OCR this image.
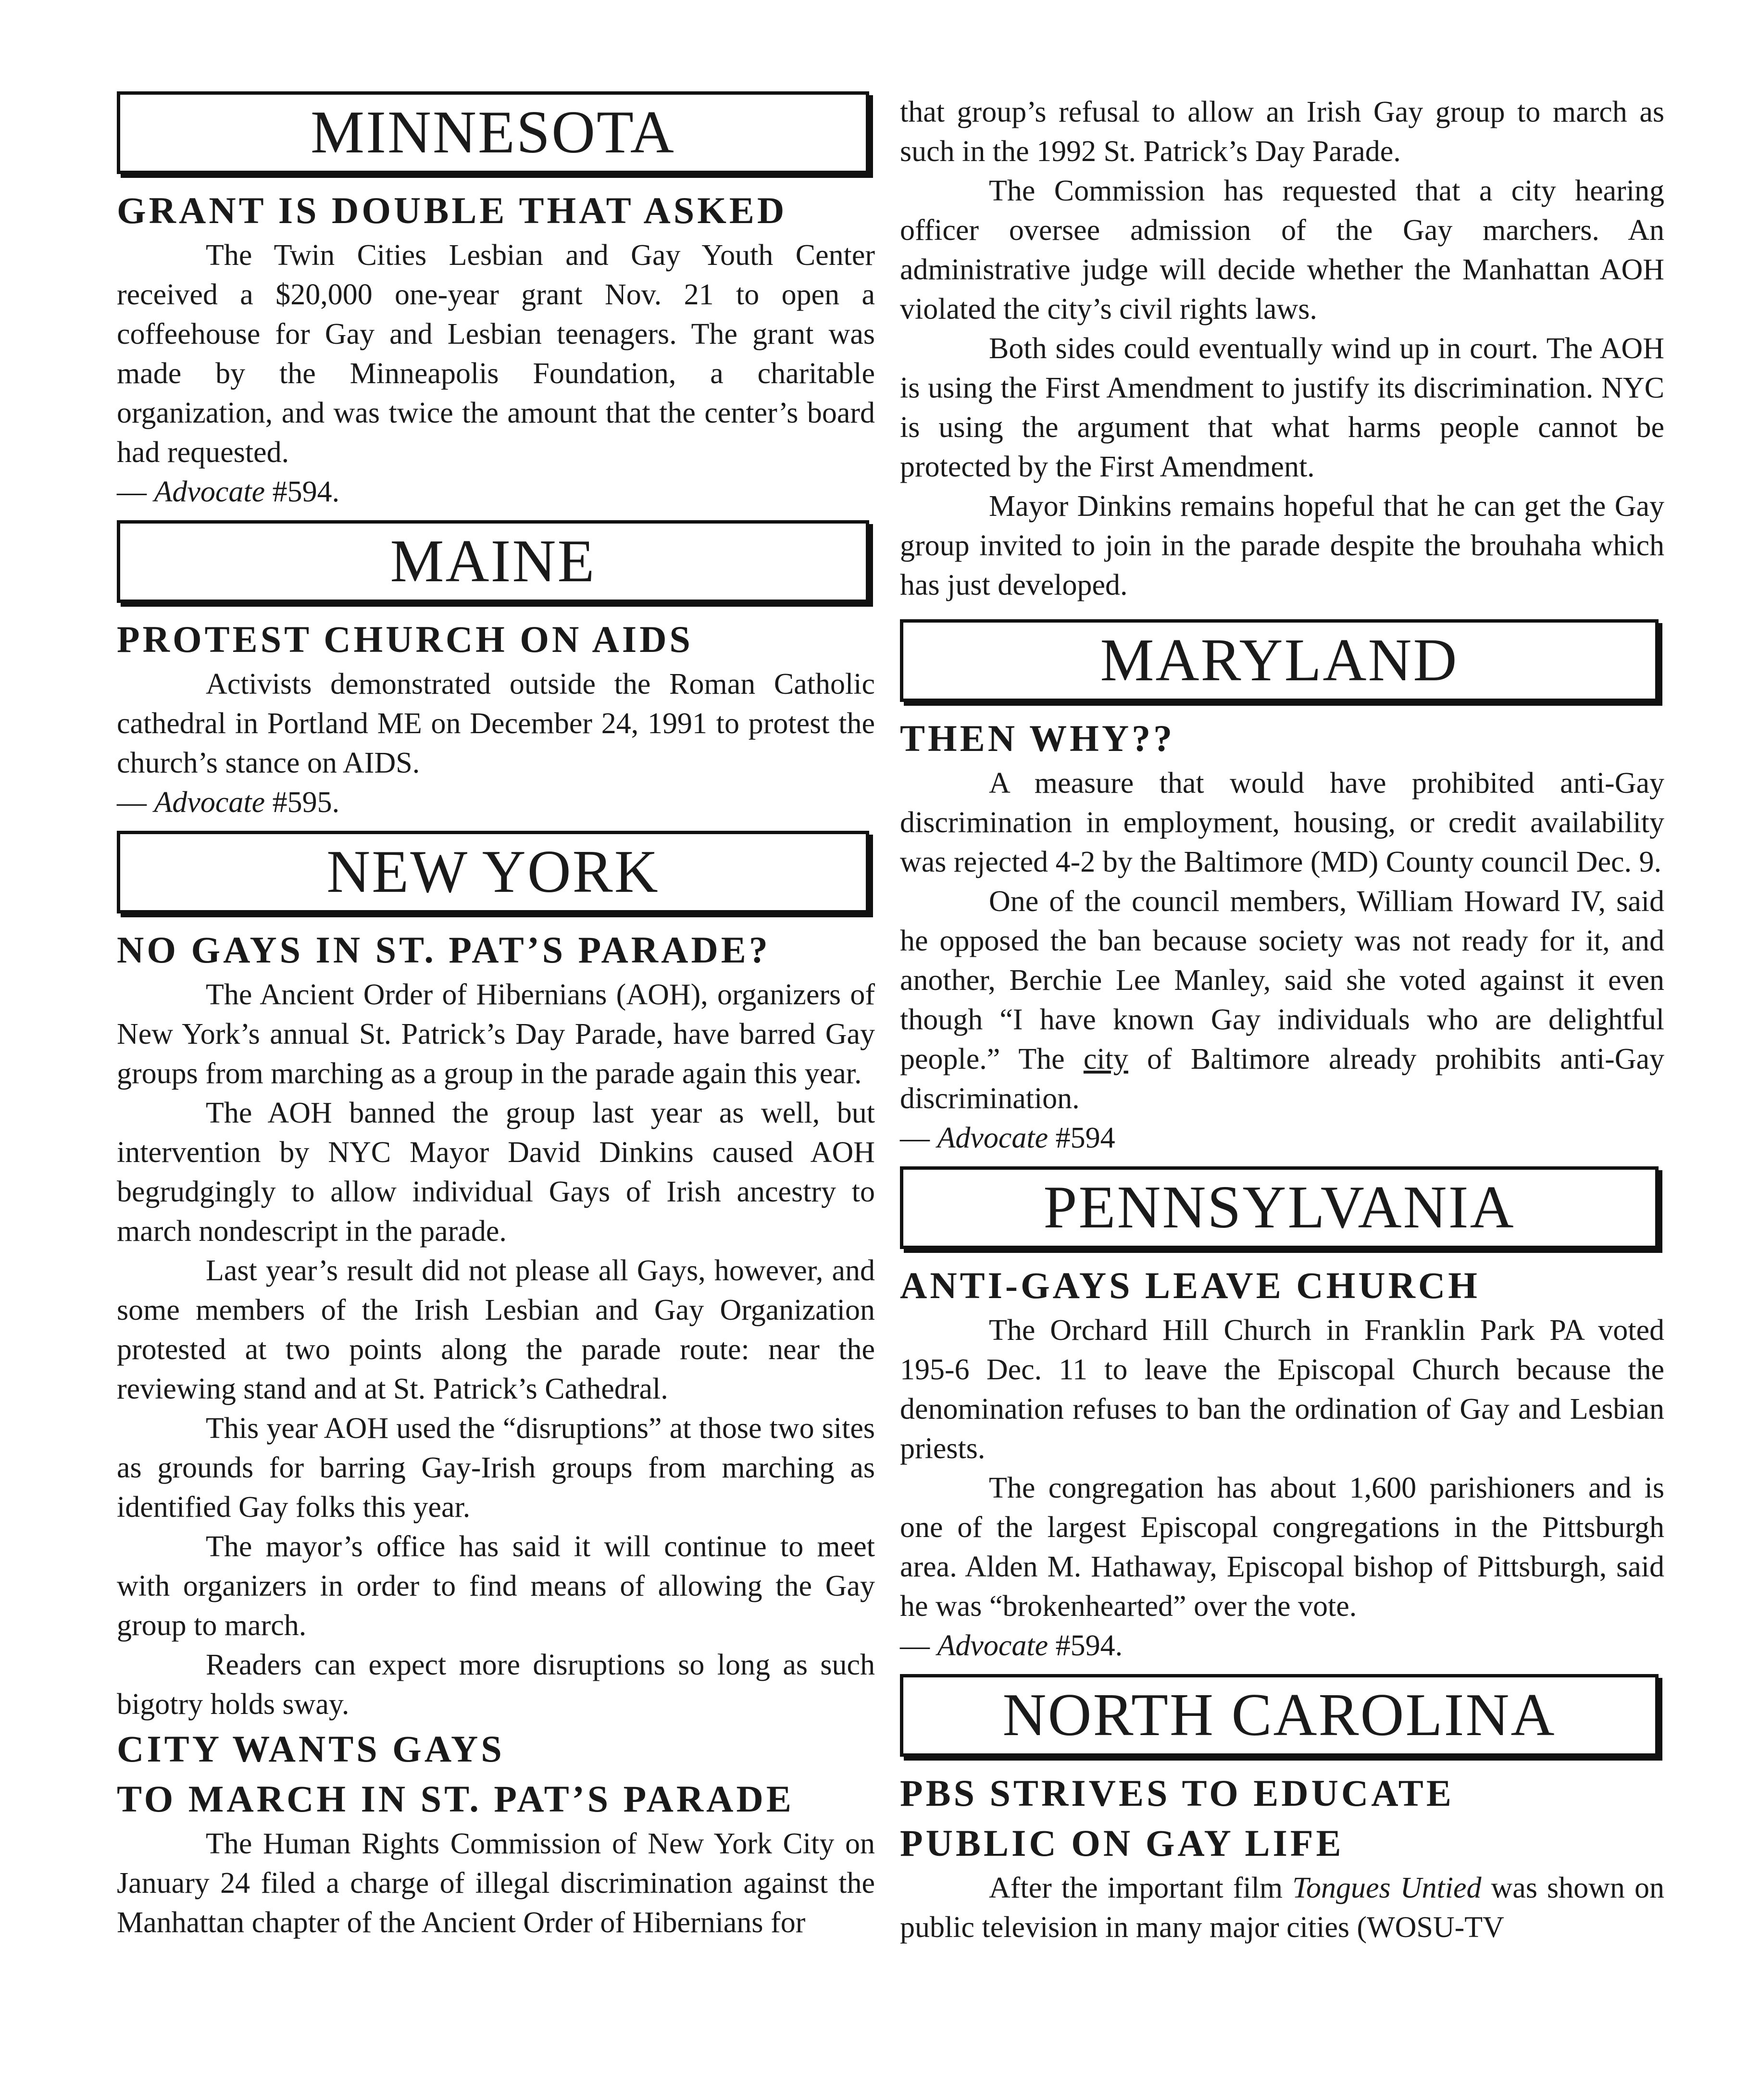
MINNESOTA
GRANT IS DOUBLE THAT ASKED

The Twin Cities Lesbian and Gay Youth Center received a $20,000 one-year grant Nov. 21 to open a coffeehouse for Gay and Lesbian teenagers. The grant was made by the Minneapolis Foundation, a charitable organization, and was twice the amount that the center’s board had requested.

— Advocate #594.

MAINE
PROTEST CHURCH ON AIDS

Activists demonstrated outside the Roman Catholic cathedral in Portland ME on December 24, 1991 to protest the church’s stance on AIDS.

— Advocate #595.

NEW YORK
NO GAYS IN ST. PAT’S PARADE?

The Ancient Order of Hibernians (AOH), organizers of New York’s annual St. Patrick’s Day Parade, have barred Gay groups from marching as a group in the parade again this year.

The AOH banned the group last year as well, but intervention by NYC Mayor David Dinkins caused AOH begrudgingly to allow individual Gays of Irish ancestry to march nondescript in the parade.

Last year’s result did not please all Gays, however, and some members of the Irish Lesbian and Gay Organization protested at two points along the parade route: near the reviewing stand and at St. Patrick’s Cathedral.

This year AOH used the “disruptions” at those two sites as grounds for barring Gay-Irish groups from marching as identified Gay folks this year.

The mayor’s office has said it will continue to meet with organizers in order to find means of allowing the Gay group to march.

Readers can expect more disruptions so long as such bigotry holds sway.

CITY WANTS GAYS
TO MARCH IN ST. PAT’S PARADE

The Human Rights Commission of New York City on January 24 filed a charge of illegal discrimination against the Manhattan chapter of the Ancient Order of Hibernians for

that group’s refusal to allow an Irish Gay group to march as such in the 1992 St. Patrick’s Day Parade.

The Commission has requested that a city hearing officer oversee admission of the Gay marchers. An administrative judge will decide whether the Manhattan AOH violated the city’s civil rights laws.

Both sides could eventually wind up in court. The AOH is using the First Amendment to justify its discrimination. NYC is using the argument that what harms people cannot be protected by the First Amendment.

Mayor Dinkins remains hopeful that he can get the Gay group invited to join in the parade despite the brouhaha which has just developed.

MARYLAND
THEN WHY??

A measure that would have prohibited anti-Gay discrimination in employment, housing, or credit availability was rejected 4-2 by the Baltimore (MD) County council Dec. 9.

One of the council members, William Howard IV, said he opposed the ban because society was not ready for it, and another, Berchie Lee Manley, said she voted against it even though “I have known Gay individuals who are delightful people.” The city of Baltimore already prohibits anti-Gay discrimination.

— Advocate #594

PENNSYLVANIA
ANTI-GAYS LEAVE CHURCH

The Orchard Hill Church in Franklin Park PA voted 195-6 Dec. 11 to leave the Episcopal Church because the denomination refuses to ban the ordination of Gay and Lesbian priests.

The congregation has about 1,600 parishioners and is one of the largest Episcopal congregations in the Pittsburgh area. Alden M. Hathaway, Episcopal bishop of Pittsburgh, said he was “brokenhearted” over the vote.

— Advocate #594.

NORTH CAROLINA
PBS STRIVES TO EDUCATE
PUBLIC ON GAY LIFE

After the important film Tongues Untied was shown on public television in many major cities (WOSU-TV
